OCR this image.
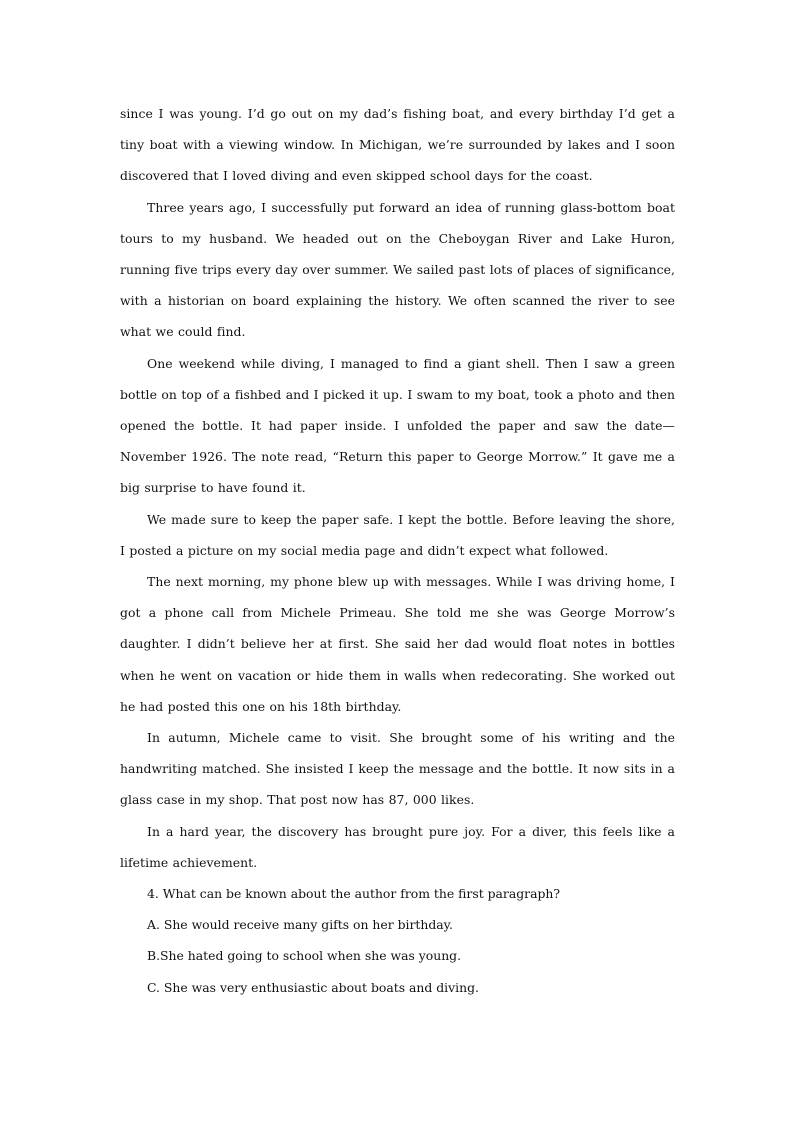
since I was young. I’d go out on my dad’s fishing boat, and every birthday I’d get a tiny boat with a viewing window. In Michigan, we’re surrounded by lakes and I soon discovered that I loved diving and even skipped school days for the coast.

Three years ago, I successfully put forward an idea of running glass-bottom boat tours to my husband. We headed out on the Cheboygan River and Lake Huron, running five trips every day over summer. We sailed past lots of places of significance, with a historian on board explaining the history. We often scanned the river to see what we could find.

One weekend while diving, I managed to find a giant shell. Then I saw a green bottle on top of a fishbed and I picked it up. I swam to my boat, took a photo and then opened the bottle. It had paper inside. I unfolded the paper and saw the date—November 1926. The note read, “Return this paper to George Morrow.” It gave me a big surprise to have found it.

We made sure to keep the paper safe. I kept the bottle. Before leaving the shore, I posted a picture on my social media page and didn’t expect what followed.

The next morning, my phone blew up with messages. While I was driving home, I got a phone call from Michele Primeau. She told me she was George Morrow’s daughter. I didn’t believe her at first. She said her dad would float notes in bottles when he went on vacation or hide them in walls when redecorating. She worked out he had posted this one on his 18th birthday.

In autumn, Michele came to visit. She brought some of his writing and the handwriting matched. She insisted I keep the message and the bottle. It now sits in a glass case in my shop. That post now has 87, 000 likes.

In a hard year, the discovery has brought pure joy. For a diver, this feels like a lifetime achievement.

4. What can be known about the author from the first paragraph?

A. She would receive many gifts on her birthday.

B.She hated going to school when she was young.

C. She was very enthusiastic about boats and diving.
